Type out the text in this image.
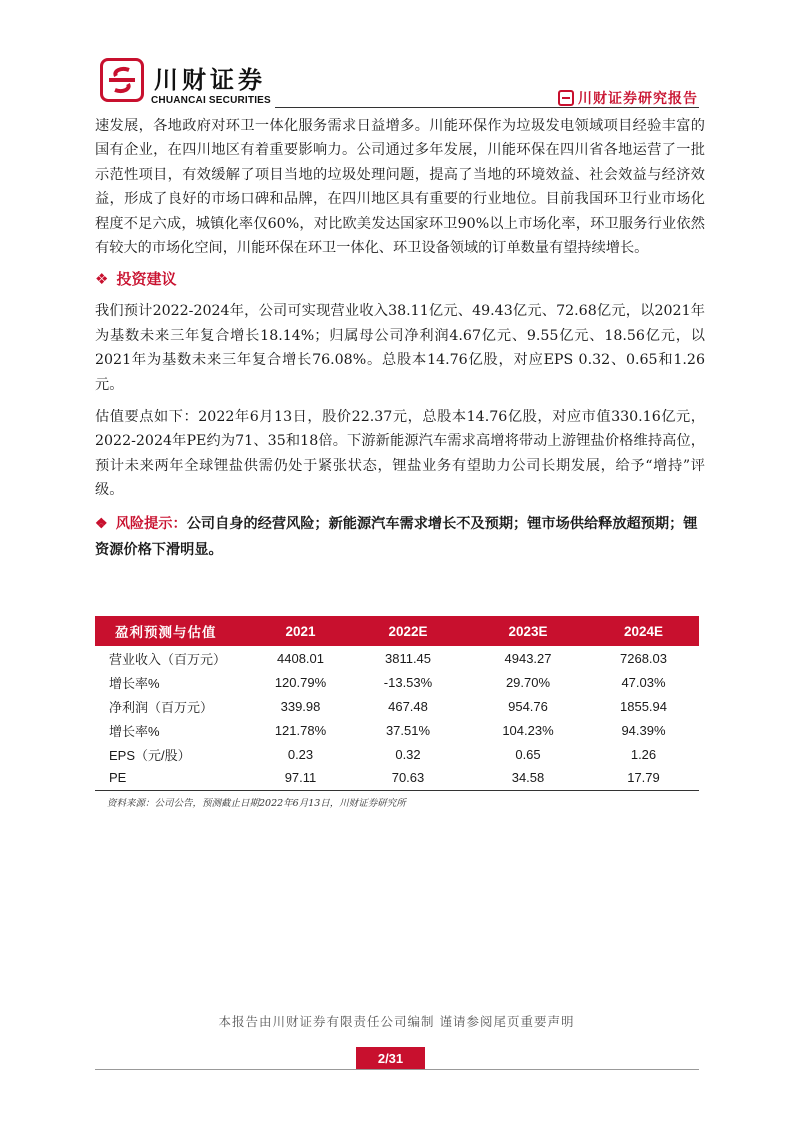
川财证券
CHUANCAI SECURITIES	川财证券研究报告

速发展，各地政府对环卫一体化服务需求日益增多。川能环保作为垃圾发电领域项目经验丰富的国有企业，在四川地区有着重要影响力。公司通过多年发展，川能环保在四川省各地运营了一批示范性项目，有效缓解了项目当地的垃圾处理问题，提高了当地的环境效益、社会效益与经济效益，形成了良好的市场口碑和品牌，在四川地区具有重要的行业地位。目前我国环卫行业市场化程度不足六成，城镇化率仅60%，对比欧美发达国家环卫90%以上市场化率，环卫服务行业依然有较大的市场化空间，川能环保在环卫一体化、环卫设备领域的订单数量有望持续增长。

❖ 投资建议

我们预计2022-2024年，公司可实现营业收入38.11亿元、49.43亿元、72.68亿元，以2021年为基数未来三年复合增长18.14%；归属母公司净利润4.67亿元、9.55亿元、18.56亿元，以2021年为基数未来三年复合增长76.08%。总股本14.76亿股，对应EPS 0.32、0.65和1.26元。

估值要点如下：2022年6月13日，股价22.37元，总股本14.76亿股，对应市值330.16亿元，2022-2024年PE约为71、35和18倍。下游新能源汽车需求高增将带动上游锂盐价格维持高位，预计未来两年全球锂盐供需仍处于紧张状态，锂盐业务有望助力公司长期发展，给予“增持”评级。

❖ 风险提示：公司自身的经营风险；新能源汽车需求增长不及预期；锂市场供给释放超预期；锂资源价格下滑明显。

盈利预测与估值	2021	2022E	2023E	2024E
营业收入（百万元）	4408.01	3811.45	4943.27	7268.03
增长率%	120.79%	-13.53%	29.70%	47.03%
净利润（百万元）	339.98	467.48	954.76	1855.94
增长率%	121.78%	37.51%	104.23%	94.39%
EPS（元/股）	0.23	0.32	0.65	1.26
PE	97.11	70.63	34.58	17.79
资料来源：公司公告，预测截止日期2022年6月13日，川财证券研究所
本报告由川财证券有限责任公司编制 谨请参阅尾页重要声明
2/31
